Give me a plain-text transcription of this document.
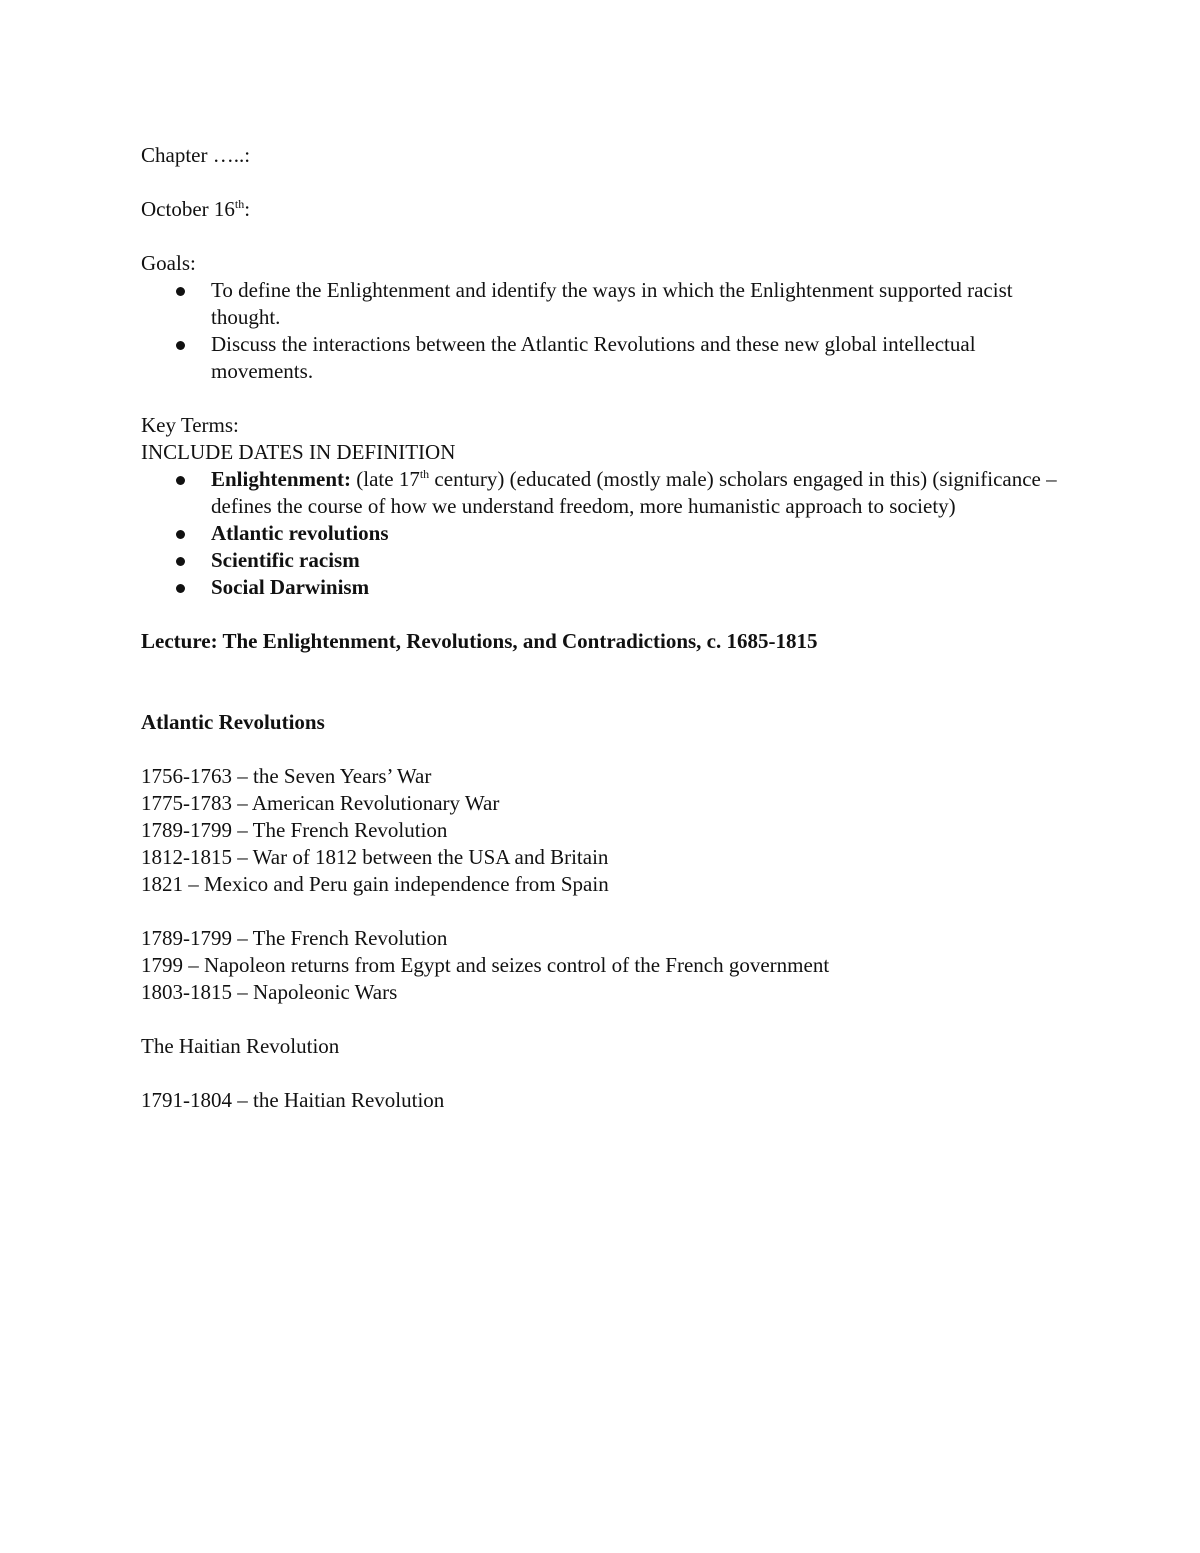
Chapter …..:

October 16th:

Goals:

To define the Enlightenment and identify the ways in which the Enlightenment supported racist thought.
Discuss the interactions between the Atlantic Revolutions and these new global intellectual movements.

Key Terms:

INCLUDE DATES IN DEFINITION

Enlightenment: (late 17th century) (educated (mostly male) scholars engaged in this) (significance – defines the course of how we understand freedom, more humanistic approach to society)
Atlantic revolutions
Scientific racism
Social Darwinism

Lecture: The Enlightenment, Revolutions, and Contradictions, c. 1685-1815

Atlantic Revolutions

1756-1763 – the Seven Years’ War

1775-1783 – American Revolutionary War

1789-1799 – The French Revolution

1812-1815 – War of 1812 between the USA and Britain

1821 – Mexico and Peru gain independence from Spain

1789-1799 – The French Revolution

1799 – Napoleon returns from Egypt and seizes control of the French government

1803-1815 – Napoleonic Wars

The Haitian Revolution

1791-1804 – the Haitian Revolution
